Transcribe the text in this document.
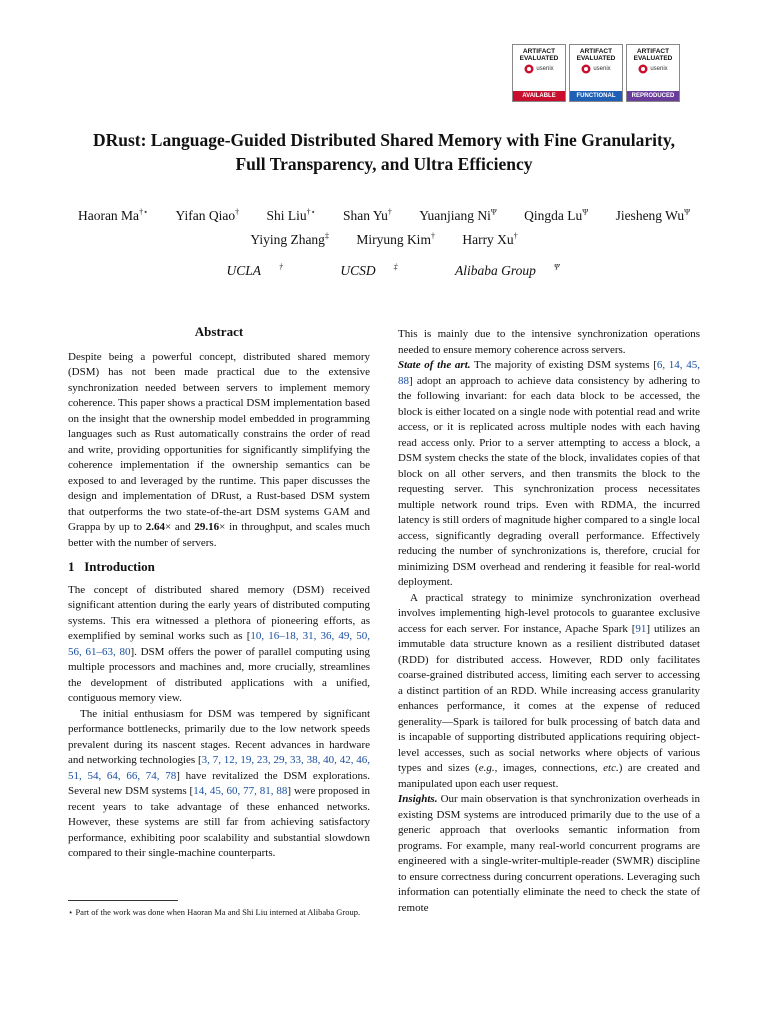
ARTIFACT
EVALUATED
usenix
AVAILABLE
ARTIFACT
EVALUATED
usenix
FUNCTIONAL
ARTIFACT
EVALUATED
usenix
REPRODUCED
DRust: Language-Guided Distributed Shared Memory with Fine Granularity,
Full Transparency, and Ultra Efficiency
Haoran Ma†⋆ Yifan Qiao† Shi Liu†⋆ Shan Yu† Yuanjiang $Ni^\Psi$ Qingda $Lu^\Psi$ Jiesheng $Wu^\Psi$
Yiying Zhang‡ Miryung Kim† Harry Xu†
UCLA †	UCSD ‡	Alibaba Group $^\Psi$
Abstract

Despite being a powerful concept, distributed shared memory (DSM) has not been made practical due to the extensive synchronization needed between servers to implement memory coherence. This paper shows a practical DSM implementation based on the insight that the ownership model embedded in programming languages such as Rust automatically constrains the order of read and write, providing opportunities for significantly simplifying the coherence implementation if the ownership semantics can be exposed to and leveraged by the runtime. This paper discusses the design and implementation of DRust, a Rust-based DSM system that outperforms the two state-of-the-art DSM systems GAM and Grappa by up to 2.64× and 29.16× in throughput, and scales much better with the number of servers.

1 Introduction

The concept of distributed shared memory (DSM) received significant attention during the early years of distributed computing systems. This era witnessed a plethora of pioneering efforts, as exemplified by seminal works such as [10, 16–18, 31, 36, 49, 50, 56, 61–63, 80]. DSM offers the power of parallel computing using multiple processors and machines and, more crucially, streamlines the development of distributed applications with a unified, contiguous memory view.

The initial enthusiasm for DSM was tempered by significant performance bottlenecks, primarily due to the low network speeds prevalent during its nascent stages. Recent advances in hardware and networking technologies [3, 7, 12, 19, 23, 29, 33, 38, 40, 42, 46, 51, 54, 64, 66, 74, 78] have revitalized the DSM explorations. Several new DSM systems [14, 45, 60, 77, 81, 88] were proposed in recent years to take advantage of these enhanced networks. However, these systems are still far from achieving satisfactory performance, exhibiting poor scalability and substantial slowdown compared to their single-machine counterparts.

⋆ Part of the work was done when Haoran Ma and Shi Liu interned at Alibaba Group.

This is mainly due to the intensive synchronization operations needed to ensure memory coherence across servers.

State of the art. The majority of existing DSM systems [6, 14, 45, 88] adopt an approach to achieve data consistency by adhering to the following invariant: for each data block to be accessed, the block is either located on a single node with potential read and write access, or it is replicated across multiple nodes with each having read access only. Prior to a server attempting to access a block, a DSM system checks the state of the block, invalidates copies of that block on all other servers, and then transmits the block to the requesting server. This synchronization process necessitates multiple network round trips. Even with RDMA, the incurred latency is still orders of magnitude higher compared to a single local access, significantly degrading overall performance. Effectively reducing the number of synchronizations is, therefore, crucial for minimizing DSM overhead and rendering it feasible for real-world deployment.

A practical strategy to minimize synchronization overhead involves implementing high-level protocols to guarantee exclusive access for each server. For instance, Apache Spark [91] utilizes an immutable data structure known as a resilient distributed dataset (RDD) for distributed access. However, RDD only facilitates coarse-grained distributed access, limiting each server to accessing a distinct partition of an RDD. While increasing access granularity enhances performance, it comes at the expense of reduced generality—Spark is tailored for bulk processing of batch data and is incapable of supporting distributed applications requiring object-level accesses, such as social networks where objects of various types and sizes (e.g., images, connections, etc.) are created and manipulated upon each user request.

Insights. Our main observation is that synchronization overheads in existing DSM systems are introduced primarily due to the use of a generic approach that overlooks semantic information from programs. For example, many real-world concurrent programs are engineered with a single-writer-multiple-reader (SWMR) discipline to ensure correctness during concurrent operations. Leveraging such information can potentially eliminate the need to check the state of remote
